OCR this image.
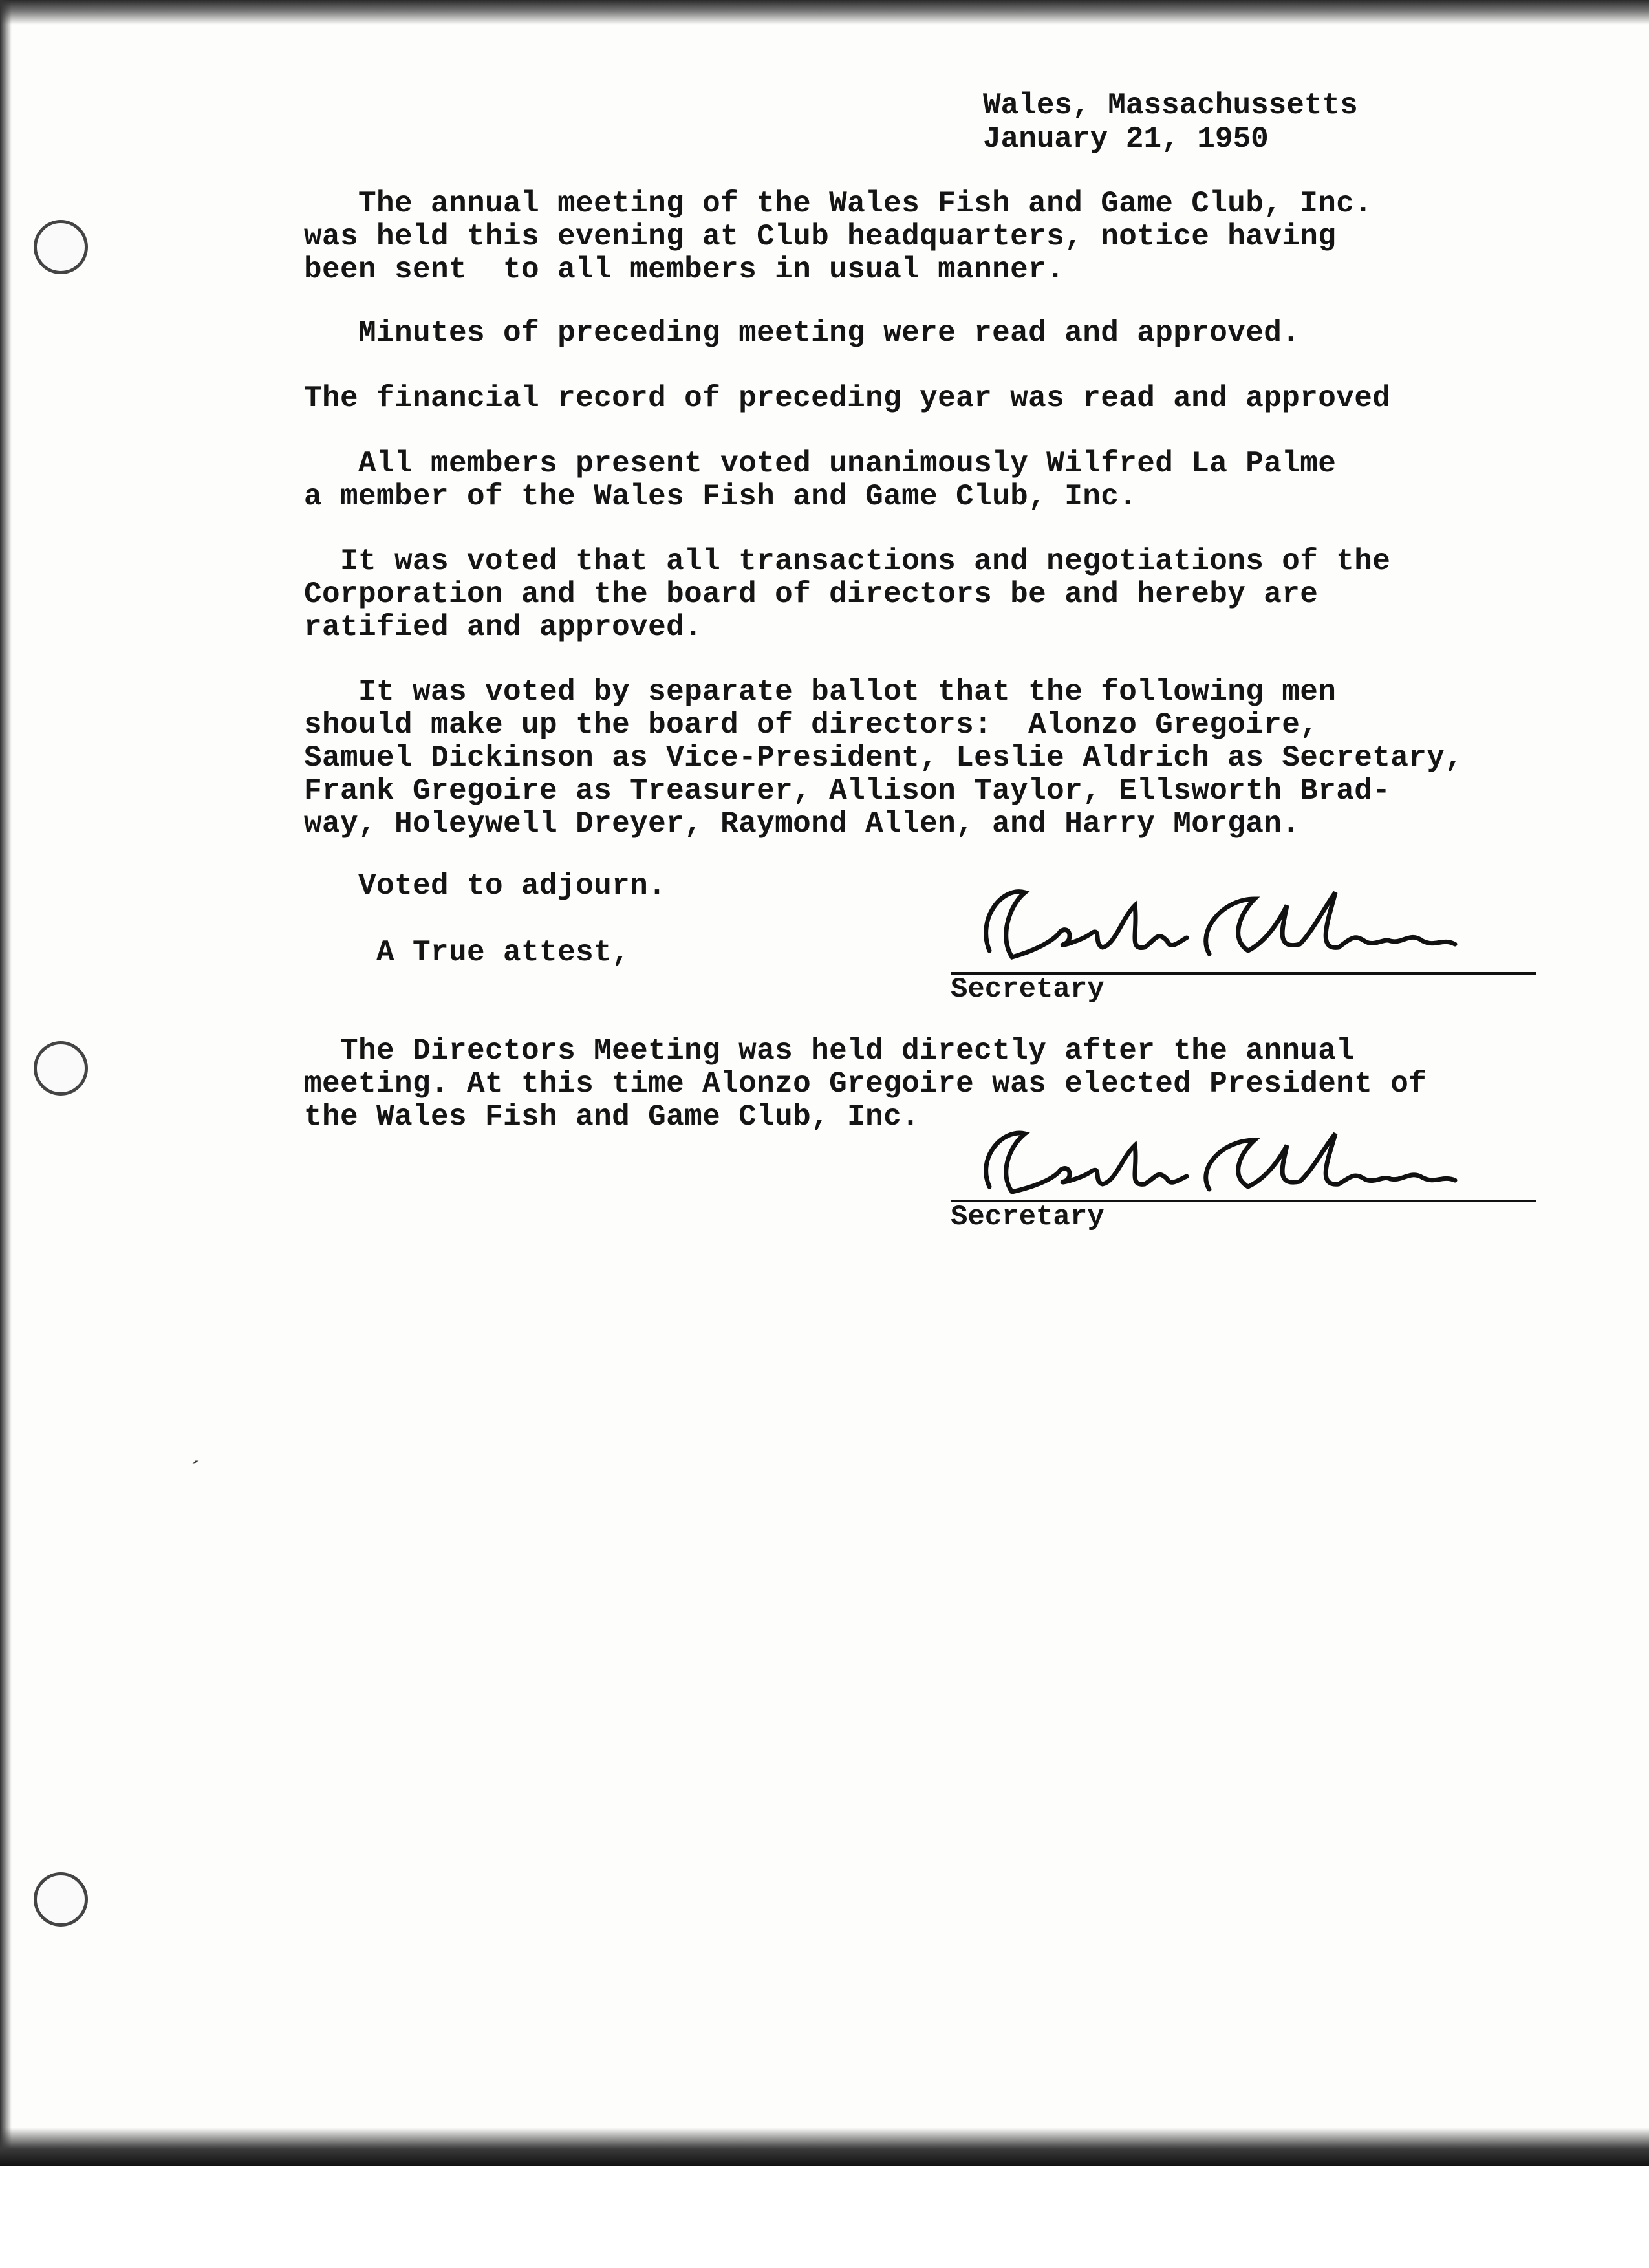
Wales, Massachussetts
January 21, 1950
The annual meeting of the Wales Fish and Game Club, Inc.
was held this evening at Club headquarters, notice having
been sent  to all members in usual manner.
Minutes of preceding meeting were read and approved.
The financial record of preceding year was read and approved
All members present voted unanimously Wilfred La Palme
a member of the Wales Fish and Game Club, Inc.
It was voted that all transactions and negotiations of the
Corporation and the board of directors be and hereby are
ratified and approved.
It was voted by separate ballot that the following men
should make up the board of directors:  Alonzo Gregoire,
Samuel Dickinson as Vice-President, Leslie Aldrich as Secretary,
Frank Gregoire as Treasurer, Allison Taylor, Ellsworth Brad-
way, Holeywell Dreyer, Raymond Allen, and Harry Morgan.
Voted to adjourn.
A True attest,
Secretary
The Directors Meeting was held directly after the annual
meeting. At this time Alonzo Gregoire was elected President of
the Wales Fish and Game Club, Inc.
Secretary
´
